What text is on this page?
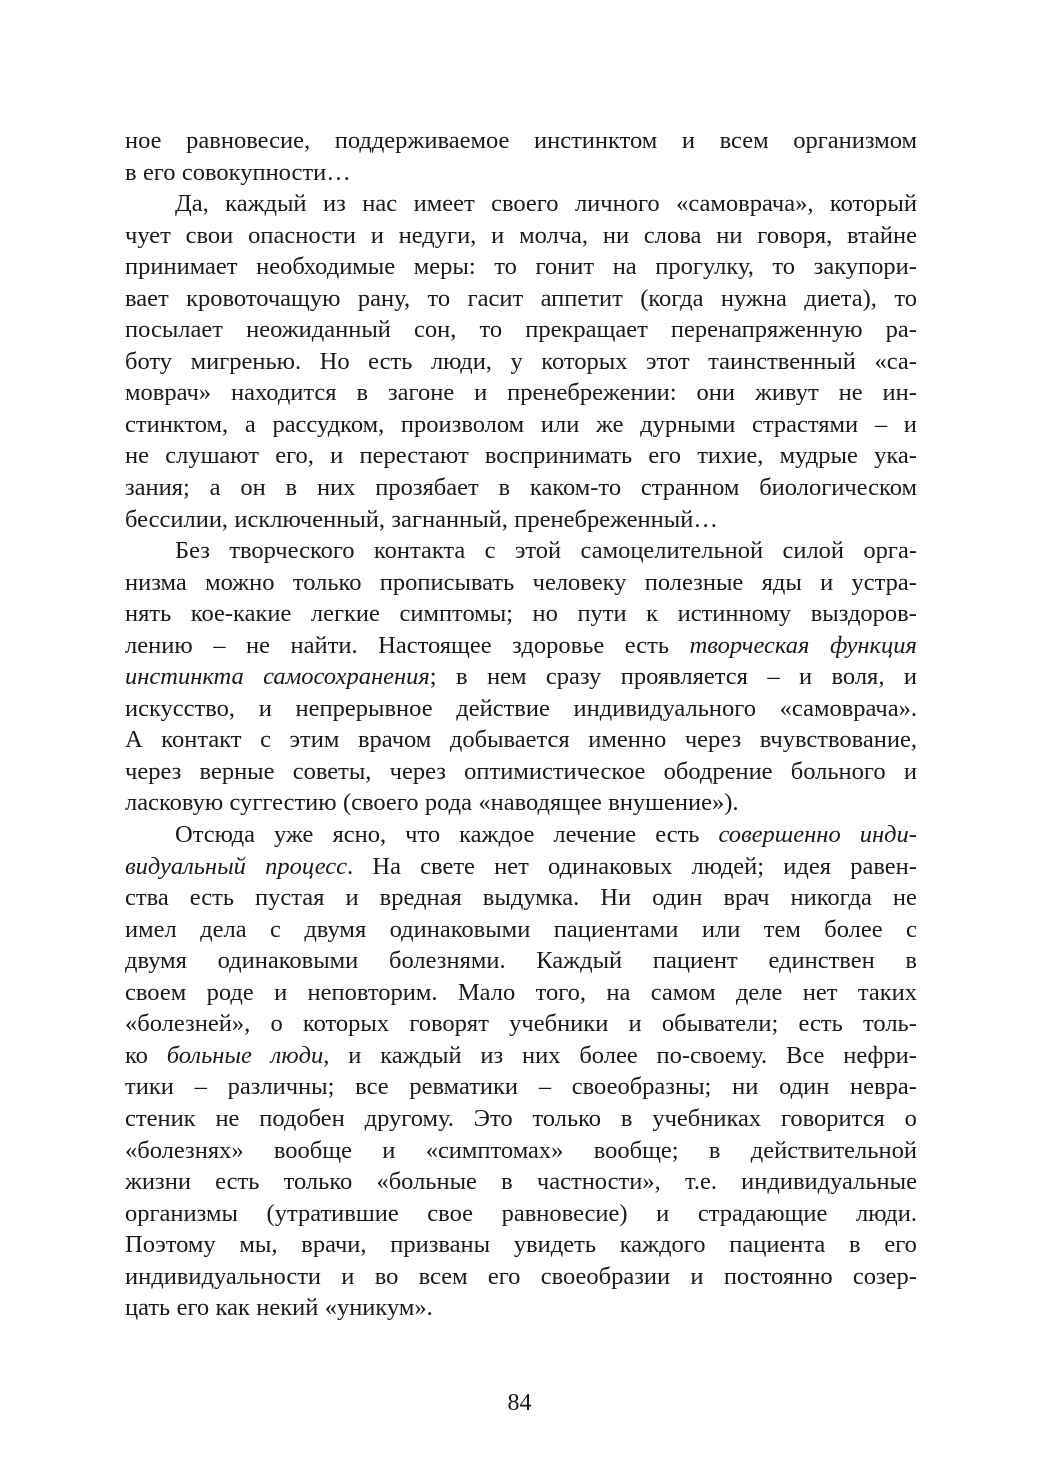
ное равновесие, поддерживаемое инстинктом и всем организмом
в его совокупности…
Да, каждый из нас имеет своего личного «самоврача», который
чует свои опасности и недуги, и молча, ни слова ни говоря, втайне
принимает необходимые меры: то гонит на прогулку, то закупори-
вает кровоточащую рану, то гасит аппетит (когда нужна диета), то
посылает неожиданный сон, то прекращает перенапряженную ра-
боту мигренью. Но есть люди, у которых этот таинственный «са-
моврач» находится в загоне и пренебрежении: они живут не ин-
стинктом, а рассудком, произволом или же дурными страстями – и
не слушают его, и перестают воспринимать его тихие, мудрые ука-
зания; а он в них прозябает в каком-то странном биологическом
бессилии, исключенный, загнанный, пренебреженный…
Без творческого контакта с этой самоцелительной силой орга-
низма можно только прописывать человеку полезные яды и устра-
нять кое-какие легкие симптомы; но пути к истинному выздоров-
лению – не найти. Настоящее здоровье есть творческая функция
инстинкта самосохранения; в нем сразу проявляется – и воля, и
искусство, и непрерывное действие индивидуального «самоврача».
А контакт с этим врачом добывается именно через вчувствование,
через верные советы, через оптимистическое ободрение больного и
ласковую суггестию (своего рода «наводящее внушение»).
Отсюда уже ясно, что каждое лечение есть совершенно инди-
видуальный процесс. На свете нет одинаковых людей; идея равен-
ства есть пустая и вредная выдумка. Ни один врач никогда не
имел дела с двумя одинаковыми пациентами или тем более с
двумя одинаковыми болезнями. Каждый пациент единствен в
своем роде и неповторим. Мало того, на самом деле нет таких
«болезней», о которых говорят учебники и обыватели; есть толь-
ко больные люди, и каждый из них более по-своему. Все нефри-
тики – различны; все ревматики – своеобразны; ни один невра-
стеник не подобен другому. Это только в учебниках говорится о
«болезнях» вообще и «симптомах» вообще; в действительной
жизни есть только «больные в частности», т.е. индивидуальные
организмы (утратившие свое равновесие) и страдающие люди.
Поэтому мы, врачи, призваны увидеть каждого пациента в его
индивидуальности и во всем его своеобразии и постоянно созер-
цать его как некий «уникум».
84
